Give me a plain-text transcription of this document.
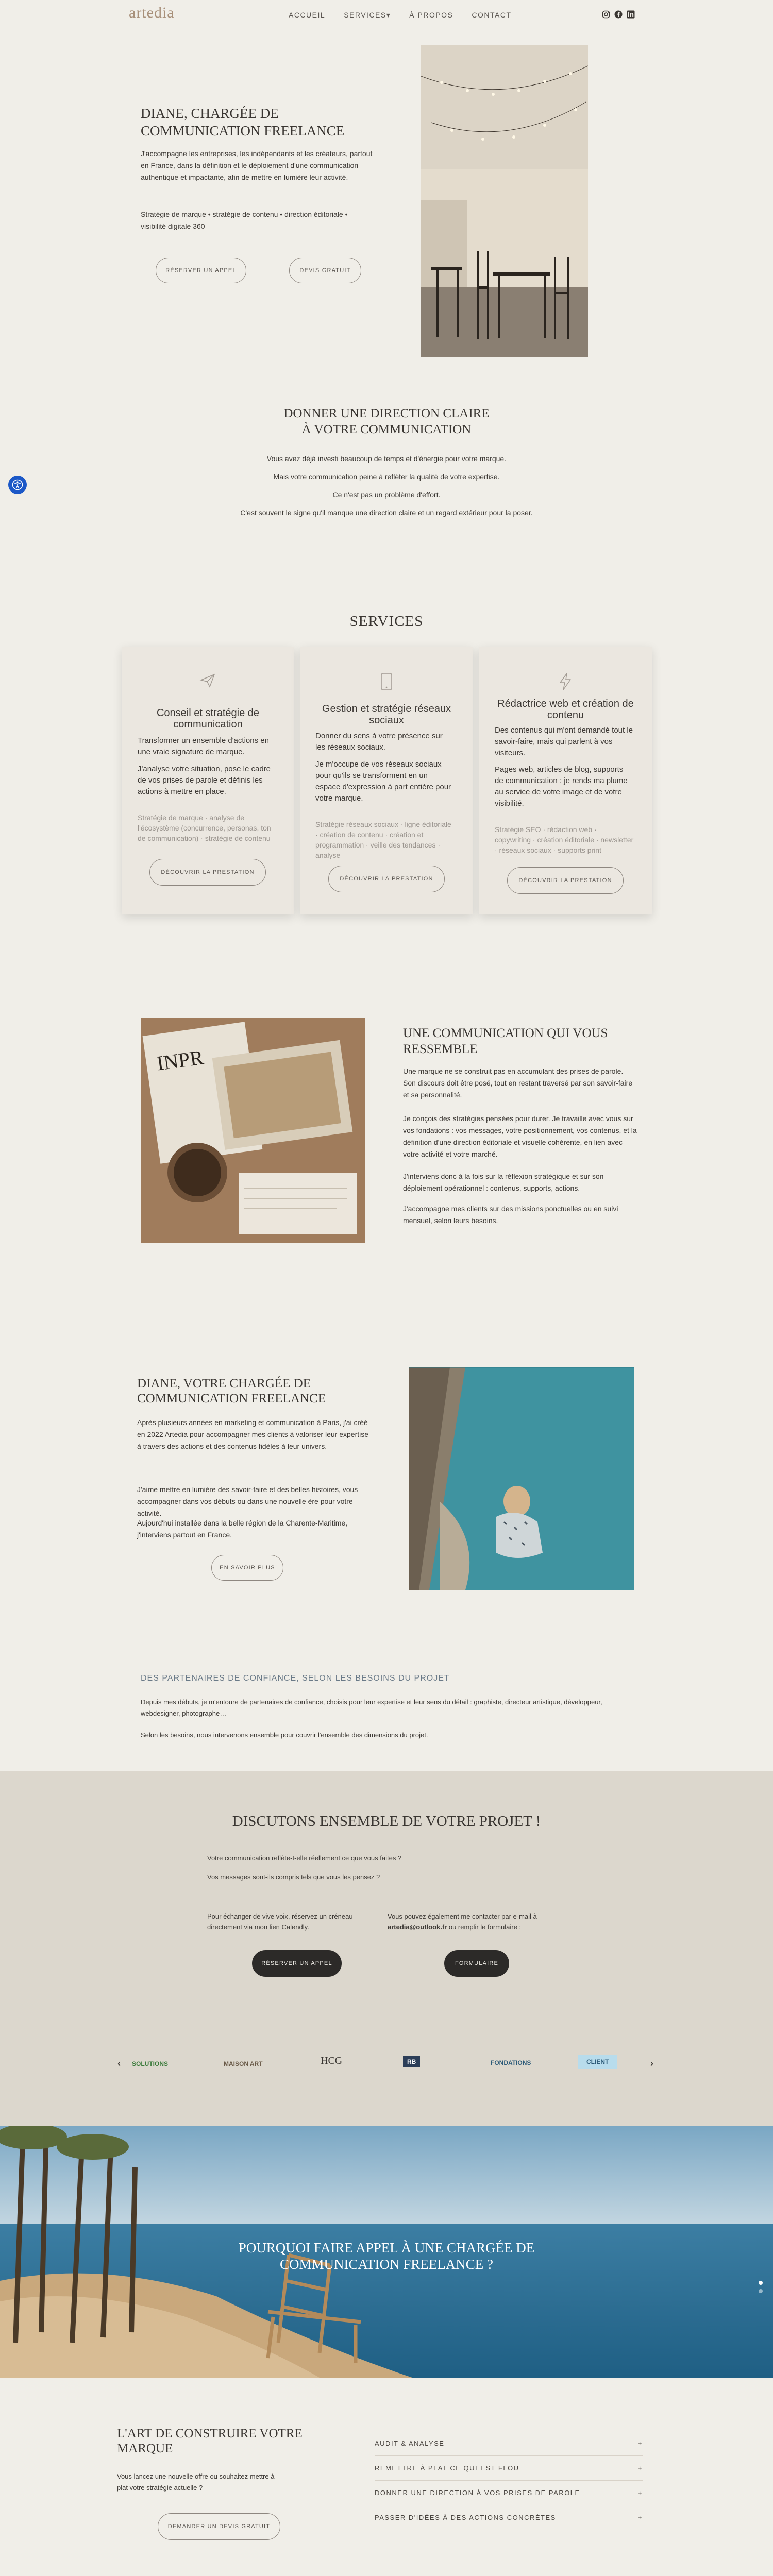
artedia	ACCUEIL	SERVICES▾	À PROPOS	CONTACT
DIANE, CHARGÉE DE COMMUNICATION FREELANCE

J'accompagne les entreprises, les indépendants et les créateurs, partout en France, dans la définition et le déploiement d'une communication authentique et impactante, afin de mettre en lumière leur activité.

Stratégie de marque • stratégie de contenu • direction éditoriale • visibilité digitale 360

RÉSERVER UN APPEL	DEVIS GRATUIT
DONNER UNE DIRECTION CLAIRE
À VOTRE COMMUNICATION

Vous avez déjà investi beaucoup de temps et d'énergie pour votre marque.

Mais votre communication peine à refléter la qualité de votre expertise.

Ce n'est pas un problème d'effort.

C'est souvent le signe qu'il manque une direction claire et un regard extérieur pour la poser.

SERVICES
Conseil et stratégie de communication

Transformer un ensemble d'actions en une vraie signature de marque.

J'analyse votre situation, pose le cadre de vos prises de parole et définis les actions à mettre en place.

Stratégie de marque · analyse de l'écosystème (concurrence, personas, ton de communication) · stratégie de contenu

DÉCOUVRIR LA PRESTATION
Gestion et stratégie réseaux sociaux

Donner du sens à votre présence sur les réseaux sociaux.

Je m'occupe de vos réseaux sociaux pour qu'ils se transforment en un espace d'expression à part entière pour votre marque.

Stratégie réseaux sociaux · ligne éditoriale · création de contenu · création et programmation · veille des tendances · analyse

DÉCOUVRIR LA PRESTATION
Rédactrice web et création de contenu

Des contenus qui m'ont demandé tout le savoir-faire, mais qui parlent à vos visiteurs.

Pages web, articles de blog, supports de communication : je rends ma plume au service de votre image et de votre visibilité.

Stratégie SEO · rédaction web · copywriting · création éditoriale · newsletter · réseaux sociaux · supports print

DÉCOUVRIR LA PRESTATION
INPR
UNE COMMUNICATION QUI VOUS RESSEMBLE

Une marque ne se construit pas en accumulant des prises de parole. Son discours doit être posé, tout en restant traversé par son savoir-faire et sa personnalité.

Je conçois des stratégies pensées pour durer. Je travaille avec vous sur vos fondations : vos messages, votre positionnement, vos contenus, et la définition d'une direction éditoriale et visuelle cohérente, en lien avec votre activité et votre marché.

J'interviens donc à la fois sur la réflexion stratégique et sur son déploiement opérationnel : contenus, supports, actions.

J'accompagne mes clients sur des missions ponctuelles ou en suivi mensuel, selon leurs besoins.

DIANE, VOTRE CHARGÉE DE COMMUNICATION FREELANCE

Après plusieurs années en marketing et communication à Paris, j'ai créé en 2022 Artedia pour accompagner mes clients à valoriser leur expertise à travers des actions et des contenus fidèles à leur univers.

J'aime mettre en lumière des savoir-faire et des belles histoires, vous accompagner dans vos débuts ou dans une nouvelle ère pour votre activité.

Aujourd'hui installée dans la belle région de la Charente-Maritime, j'interviens partout en France.

EN SAVOIR PLUS
DES PARTENAIRES DE CONFIANCE, SELON LES BESOINS DU PROJET

Depuis mes débuts, je m'entoure de partenaires de confiance, choisis pour leur expertise et leur sens du détail : graphiste, directeur artistique, développeur, webdesigner, photographe…

Selon les besoins, nous intervenons ensemble pour couvrir l'ensemble des dimensions du projet.

DISCUTONS ENSEMBLE DE VOTRE PROJET !

Votre communication reflète-t-elle réellement ce que vous faites ?

Vos messages sont-ils compris tels que vous les pensez ?

Pour échanger de vive voix, réservez un créneau directement via mon lien Calendly.

Vous pouvez également me contacter par e-mail à artedia@outlook.fr ou remplir le formulaire :

RÉSERVER UN APPEL	FORMULAIRE
‹ SOLUTIONS	MAISON ART	HCG	RB	FONDATIONS	CLIENT	›
POURQUOI FAIRE APPEL À UNE CHARGÉE DE
COMMUNICATION FREELANCE ?
L'ART DE CONSTRUIRE VOTRE MARQUE

Vous lancez une nouvelle offre ou souhaitez mettre à plat votre stratégie actuelle ?

DEMANDER UN DEVIS GRATUIT
AUDIT & ANALYSE	+
REMETTRE À PLAT CE QUI EST FLOU	+
DONNER UNE DIRECTION À VOS PRISES DE PAROLE	+
PASSER D'IDÉES À DES ACTIONS CONCRÈTES	+
